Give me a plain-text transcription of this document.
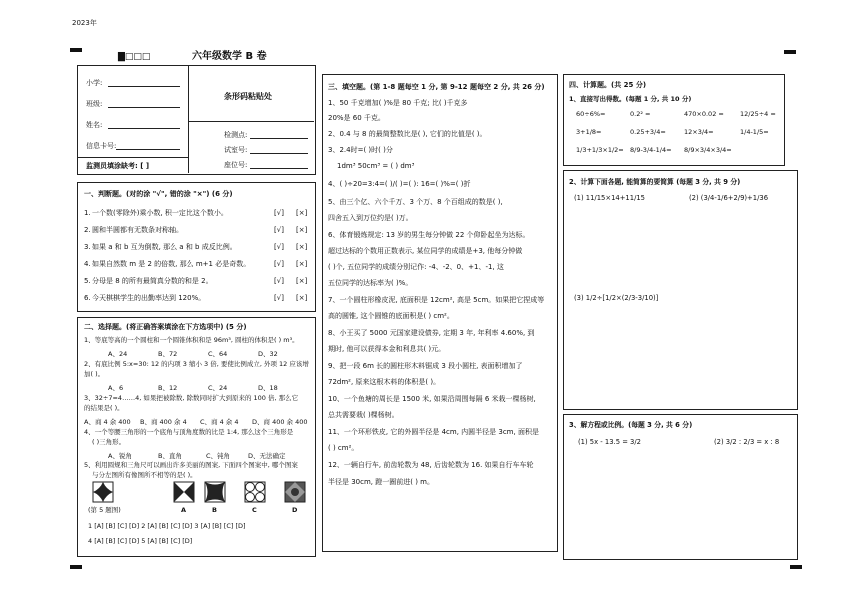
2023年
▇□□□	六年级数学 B 卷
小学:
班级:
姓名:
信息卡号:
监测员填涂缺考: [ ]
条形码粘贴处
检测点:
试室号:
座位号:
一、判断题。(对的涂 "√", 错的涂 "×") (6 分)
1. 一个数(零除外)乘小数, 积一定比这个数小。	[√] [×]
2. 圆和半圆都有无数条对称轴。	[√] [×]
3. 如果 a 和 b 互为倒数, 那么 a 和 b 成反比例。	[√] [×]
4. 如果自然数 m 是 2 的倍数, 那么 m+1 必是奇数。	[√] [×]
5. 分母是 8 的所有最简真分数的和是 2。	[√] [×]
6. 今天棋棋学生的出勤率达到 120%。	[√] [×]
二、选择题。(将正确答案填涂在下方选项中) (5 分)
1、等底等高的一个圆柱和一个圆锥体积和是 96m³, 圆柱的体积是( ) m³。
A、24	B、72	C、64	D、32
2、有底比例 5:x=30: 12 的内项 3 缩小 3 倍, 要使比例成立, 外项 12 应该增
加( )。
A、6	B、12	C、24	D、18
3、32÷7=4……4, 如果把被除数, 除数同时扩大到原来的 100 倍, 那么它
的结果是( )。
A、商 4 余 400 B、商 400 余 4 C、商 4 余 4 D、商 400 余 400
4、一个等腰三角形的一个底角与顶角度数的比是 1:4, 那么这个三角形是
( )三角形。
A、锐角	B、直角	C、钝角	D、无法确定
5、利用圆规和三角尺可以画出许多美丽的图案, 下面四个图案中, 哪个图案
与分左图所有像图所不相等的是( )。
(第 5 题图)	A	B	C	D
1 [A] [B] [C] [D] 2 [A] [B] [C] [D] 3 [A] [B] [C] [D]
4 [A] [B] [C] [D] 5 [A] [B] [C] [D]
三、填空题。(第 1-8 题每空 1 分, 第 9-12 题每空 2 分, 共 26 分)
1、50 千克增加( )%是 80 千克; 比( )千克多
20%是 60 千克。
2、0.4 与 8 的最简整数比是( ), 它们的比值是( )。
3、2.4时=( )时( )分
1dm³ 50cm³ = ( ) dm³
4、( )÷20=3:4=( )/( )=( ): 16=( )%=( )折
5、由三个亿、六个千万、3 个万、8 个百组成的数是( ),
四舍五入到万位约是( )万。
6、体育锻炼规定: 13 岁的男生每分钟做 22 个仰卧起坐为达标。
超过达标的个数用正数表示, 某位同学的成绩是+3, 他每分钟做
( )个, 五位同学的成绩分别记作: -4、-2、0、+1、-1, 这
五位同学的达标率为( )%。
7、一个圆柱形橡皮泥, 底面积是 12cm², 高是 5cm。如果把它捏成等
高的圆锥, 这个圆锥的底面积是( ) cm²。
8、小王买了 5000 元国家建设债券, 定期 3 年, 年利率 4.60%, 到
期时, 他可以获得本金和利息共( )元。
9、把一段 6m 长的圆柱形木料锯成 3 段小圆柱, 表面积增加了
72dm², 原来这根木料的体积是( )。
10、一个鱼塘的周长是 1500 米, 如果沿周围每隔 6 米栽一棵杨树,
总共需要栽( )棵杨树。
11、一个环形铁皮, 它的外圆半径是 4cm, 内圆半径是 3cm, 面积是
( ) cm²。
12、一辆自行车, 前齿轮数为 48, 后齿轮数为 16. 如果自行车车轮
半径是 30cm, 蹬一圈前进( ) m。
四、计算题。(共 25 分)
1、直接写出得数。(每题 1 分, 共 10 分)
60÷6%=	0.2² =	470×0.02 = 12/25÷4 =
3+1/8=	0.25+3/4=	12×3/4=	1/4-1/5=
1/3+1/3×1/2= 8/9-3/4-1/4= 8/9×3/4×3/4=
2、计算下面各题, 能简算的要简算 (每题 3 分, 共 9 分)
(1) 11/15×14+11/15	(2) (3/4-1/6+2/9)+1/36
(3) 1/2÷[1/2×(2/3-3/10)]
3、解方程或比例。(每题 3 分, 共 6 分)
(1) 5x - 13.5 = 3/2	(2) 3/2 : 2/3 = x : 8
